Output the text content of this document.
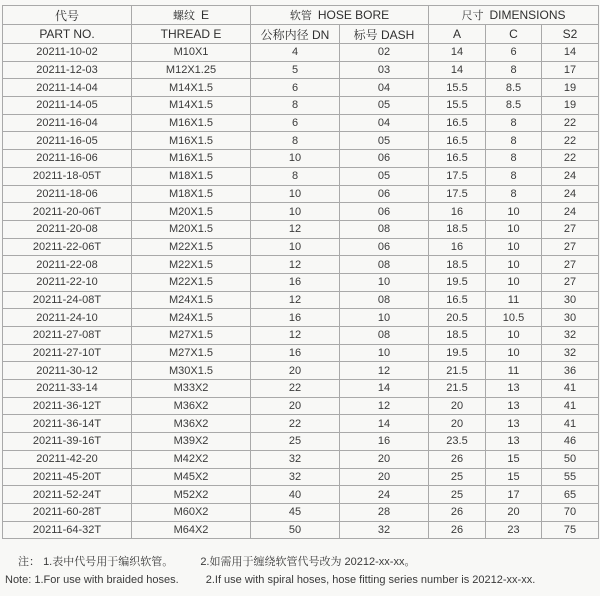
代号	螺纹 E	软管 HOSE BORE		尺寸 DIMENSIONS		
PART NO.	THREAD E	公称内径 DN	标号 DASH	A	C	S2
20211-10-02	M10X1	4	02	14	6	14
20211-12-03	M12X1.25	5	03	14	8	17
20211-14-04	M14X1.5	6	04	15.5	8.5	19
20211-14-05	M14X1.5	8	05	15.5	8.5	19
20211-16-04	M16X1.5	6	04	16.5	8	22
20211-16-05	M16X1.5	8	05	16.5	8	22
20211-16-06	M16X1.5	10	06	16.5	8	22
20211-18-05T	M18X1.5	8	05	17.5	8	24
20211-18-06	M18X1.5	10	06	17.5	8	24
20211-20-06T	M20X1.5	10	06	16	10	24
20211-20-08	M20X1.5	12	08	18.5	10	27
20211-22-06T	M22X1.5	10	06	16	10	27
20211-22-08	M22X1.5	12	08	18.5	10	27
20211-22-10	M22X1.5	16	10	19.5	10	27
20211-24-08T	M24X1.5	12	08	16.5	11	30
20211-24-10	M24X1.5	16	10	20.5	10.5	30
20211-27-08T	M27X1.5	12	08	18.5	10	32
20211-27-10T	M27X1.5	16	10	19.5	10	32
20211-30-12	M30X1.5	20	12	21.5	11	36
20211-33-14	M33X2	22	14	21.5	13	41
20211-36-12T	M36X2	20	12	20	13	41
20211-36-14T	M36X2	22	14	20	13	41
20211-39-16T	M39X2	25	16	23.5	13	46
20211-42-20	M42X2	32	20	26	15	50
20211-45-20T	M45X2	32	20	25	15	55
20211-52-24T	M52X2	40	24	25	17	65
20211-60-28T	M60X2	45	28	26	20	70
20211-64-32T	M64X2	50	32	26	23	75
注： 1.表中代号用于编织软管。 2.如需用于缠绕软管代号改为 20212-xx-xx。
Note: 1.For use with braided hoses. 2.If use with spiral hoses, hose fitting series number is 20212-xx-xx.
